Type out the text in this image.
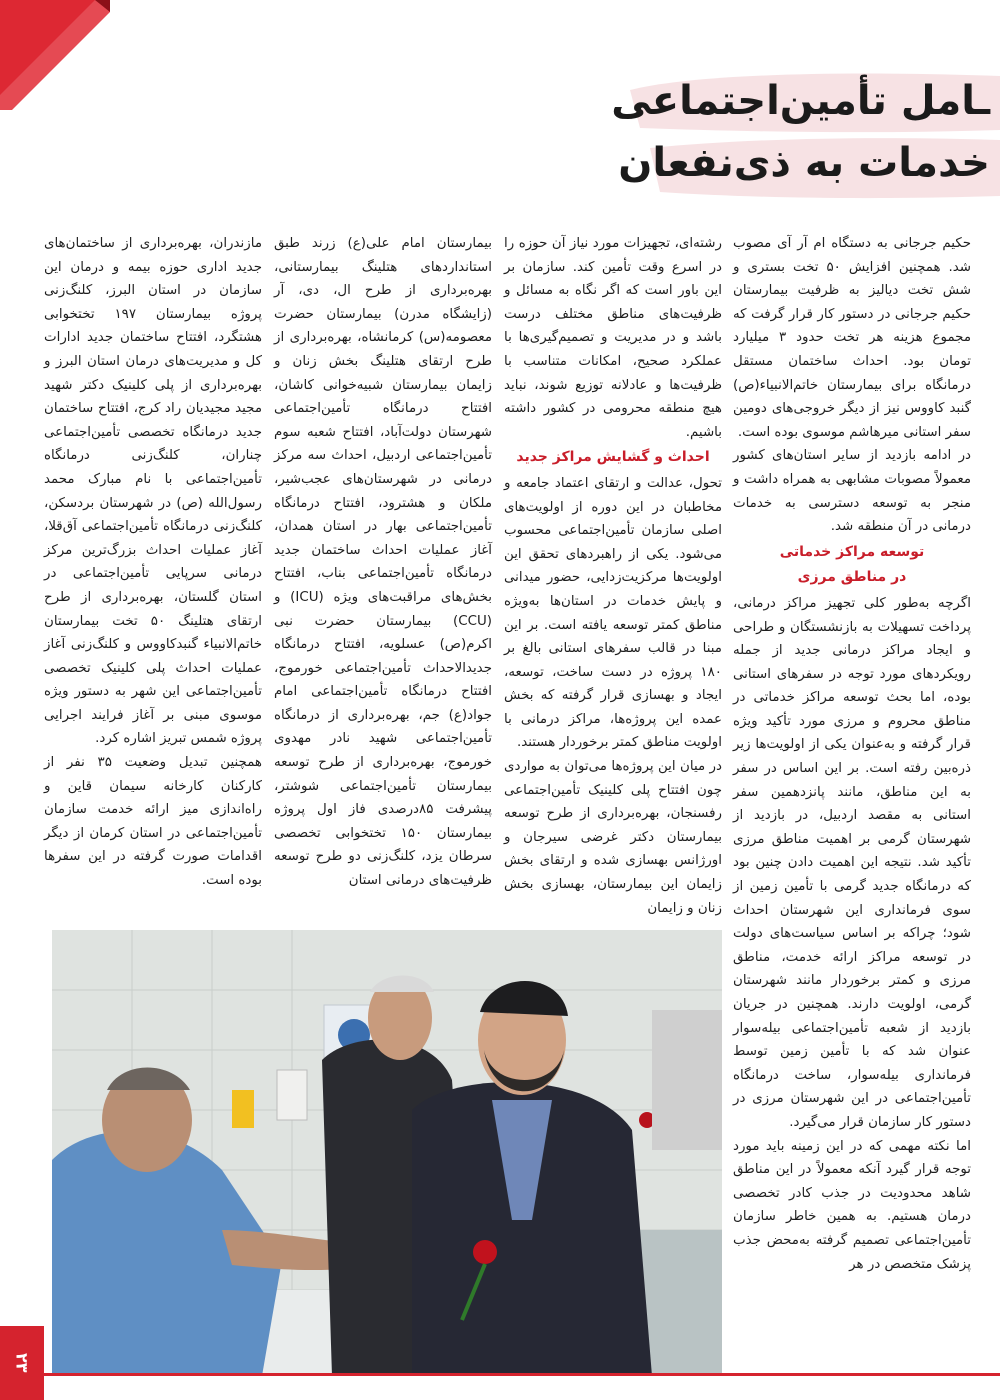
ـامل تأمین‌اجتماعی
خدمات به ذی‌نفعان

حکیم جرجانی به دستگاه ام آر آی مصوب شد. همچنین افزایش ۵۰ تخت بستری و شش تخت دیالیز به ظرفیت بیمارستان حکیم جرجانی در دستور کار قرار گرفت که مجموع هزینه هر تخت حدود ۳ میلیارد تومان بود. احداث ساختمان مستقل درمانگاه برای بیمارستان خاتم‌الانبیاء(ص) گنبد کاووس نیز از دیگر خروجی‌های دومین سفر استانی میرهاشم موسوی بوده است.

در ادامه بازدید از سایر استان‌های کشور معمولاً مصوبات مشابهی به همراه داشت و منجر به توسعه دسترسی به خدمات درمانی در آن منطقه شد.

توسعه مراکز خدماتی
در مناطق مرزی

اگرچه به‌طور کلی تجهیز مراکز درمانی، پرداخت تسهیلات به بازنشستگان و طراحی و ایجاد مراکز درمانی جدید از جمله رویکردهای مورد توجه در سفرهای استانی بوده، اما بحث توسعه مراکز خدماتی در مناطق محروم و مرزی مورد تأکید ویژه قرار گرفته و به‌عنوان یکی از اولویت‌ها زیر ذره‌بین رفته است. بر این اساس در سفر به این مناطق، مانند پانزدهمین سفر استانی به مقصد اردبیل، در بازدید از شهرستان گرمی بر اهمیت مناطق مرزی تأکید شد. نتیجه این اهمیت دادن چنین بود که درمانگاه جدید گرمی با تأمین زمین از سوی فرمانداری این شهرستان احداث شود؛ چراکه بر اساس سیاست‌های دولت در توسعه مراکز ارائه خدمت، مناطق مرزی و کمتر برخوردار مانند شهرستان گرمی، اولویت دارند. همچنین در جریان بازدید از شعبه تأمین‌اجتماعی بیله‌سوار عنوان شد که با تأمین زمین توسط فرمانداری بیله‌سوار، ساخت درمانگاه تأمین‌اجتماعی در این شهرستان مرزی در دستور کار سازمان قرار می‌گیرد.

اما نکته مهمی که در این زمینه باید مورد توجه قرار گیرد آنکه معمولاً در این مناطق شاهد محدودیت در جذب کادر تخصصی درمان هستیم. به همین خاطر سازمان تأمین‌اجتماعی تصمیم گرفته به‌محض جذب پزشک متخصص در هر

رشته‌ای، تجهیزات مورد نیاز آن حوزه را در اسرع وقت تأمین کند. سازمان بر این باور است که اگر نگاه به مسائل و ظرفیت‌های مناطق مختلف درست باشد و در مدیریت و تصمیم‌گیری‌ها با عملکرد صحیح، امکانات متناسب با ظرفیت‌ها و عادلانه توزیع شوند، نباید هیچ منطقه محرومی در کشور داشته باشیم.

احداث و گشایش مراکز جدید

تحول، عدالت و ارتقای اعتماد جامعه و مخاطبان در این دوره از اولویت‌های اصلی سازمان تأمین‌اجتماعی محسوب می‌شود. یکی از راهبردهای تحقق این اولویت‌ها مرکزیت‌زدایی، حضور میدانی و پایش خدمات در استان‌ها به‌ویژه مناطق کمتر توسعه یافته است. بر این مبنا در قالب سفرهای استانی بالغ بر ۱۸۰ پروژه در دست ساخت، توسعه، ایجاد و بهسازی قرار گرفته که بخش عمده این پروژه‌ها، مراکز درمانی با اولویت مناطق کمتر برخوردار هستند.

در میان این پروژه‌ها می‌توان به مواردی چون افتتاح پلی کلینیک تأمین‌اجتماعی رفسنجان، بهره‌برداری از طرح توسعه بیمارستان دکتر غرضی سیرجان و اورژانس بهسازی شده و ارتقای بخش زایمان این بیمارستان، بهسازی بخش زنان و زایمان

بیمارستان امام علی(ع) زرند طبق استانداردهای هتلینگ بیمارستانی، بهره‌برداری از طرح ال، دی، آر (زایشگاه مدرن) بیمارستان حضرت معصومه(س) کرمانشاه، بهره‌برداری از طرح ارتقای هتلینگ بخش زنان و زایمان بیمارستان شبیه‌خوانی کاشان، افتتاح درمانگاه تأمین‌اجتماعی شهرستان دولت‌آباد، افتتاح شعبه سوم تأمین‌اجتماعی اردبیل، احداث سه مرکز درمانی در شهرستان‌های عجب‌شیر، ملکان و هشترود، افتتاح درمانگاه تأمین‌اجتماعی بهار در استان همدان، آغاز عملیات احداث ساختمان جدید درمانگاه تأمین‌اجتماعی بناب، افتتاح بخش‌های مراقبت‌های ویژه (ICU) و (CCU) بیمارستان حضرت نبی اکرم(ص) عسلویه، افتتاح درمانگاه جدیدالاحداث تأمین‌اجتماعی خورموج، افتتاح درمانگاه تأمین‌اجتماعی امام جواد(ع) جم، بهره‌برداری از درمانگاه تأمین‌اجتماعی شهید نادر مهدوی خورموج، بهره‌برداری از طرح توسعه بیمارستان تأمین‌اجتماعی شوشتر، پیشرفت ۸۵درصدی فاز اول پروژه بیمارستان ۱۵۰ تختخوابی تخصصی سرطان یزد، کلنگ‌زنی دو طرح توسعه ظرفیت‌های درمانی استان

مازندران، بهره‌برداری از ساختمان‌های جدید اداری حوزه بیمه و درمان این سازمان در استان البرز، کلنگ‌زنی پروژه بیمارستان ۱۹۷ تختخوابی هشتگرد، افتتاح ساختمان جدید ادارات کل و مدیریت‌های درمان استان البرز و بهره‌برداری از پلی کلینیک دکتر شهید مجید مجیدیان راد کرج، افتتاح ساختمان جدید درمانگاه تخصصی تأمین‌اجتماعی چناران، کلنگ‌زنی درمانگاه تأمین‌اجتماعی با نام مبارک محمد رسول‌الله (ص) در شهرستان بردسکن، کلنگ‌زنی درمانگاه تأمین‌اجتماعی آق‌قلا، آغاز عملیات احداث بزرگ‌ترین مرکز درمانی سرپایی تأمین‌اجتماعی در استان گلستان، بهره‌برداری از طرح ارتقای هتلینگ ۵۰ تخت بیمارستان خاتم‌الانبیاء گنبدکاووس و کلنگ‌زنی آغاز عملیات احداث پلی کلینیک تخصصی تأمین‌اجتماعی این شهر به دستور ویژه موسوی مبنی بر آغاز فرایند اجرایی پروژه شمس تبریز اشاره کرد.

همچنین تبدیل وضعیت ۳۵ نفر از کارکنان کارخانه سیمان قاین و راه‌اندازی میز ارائه خدمت سازمان تأمین‌اجتماعی در استان کرمان از دیگر اقدامات صورت گرفته در این سفرها بوده است.

۲۳
